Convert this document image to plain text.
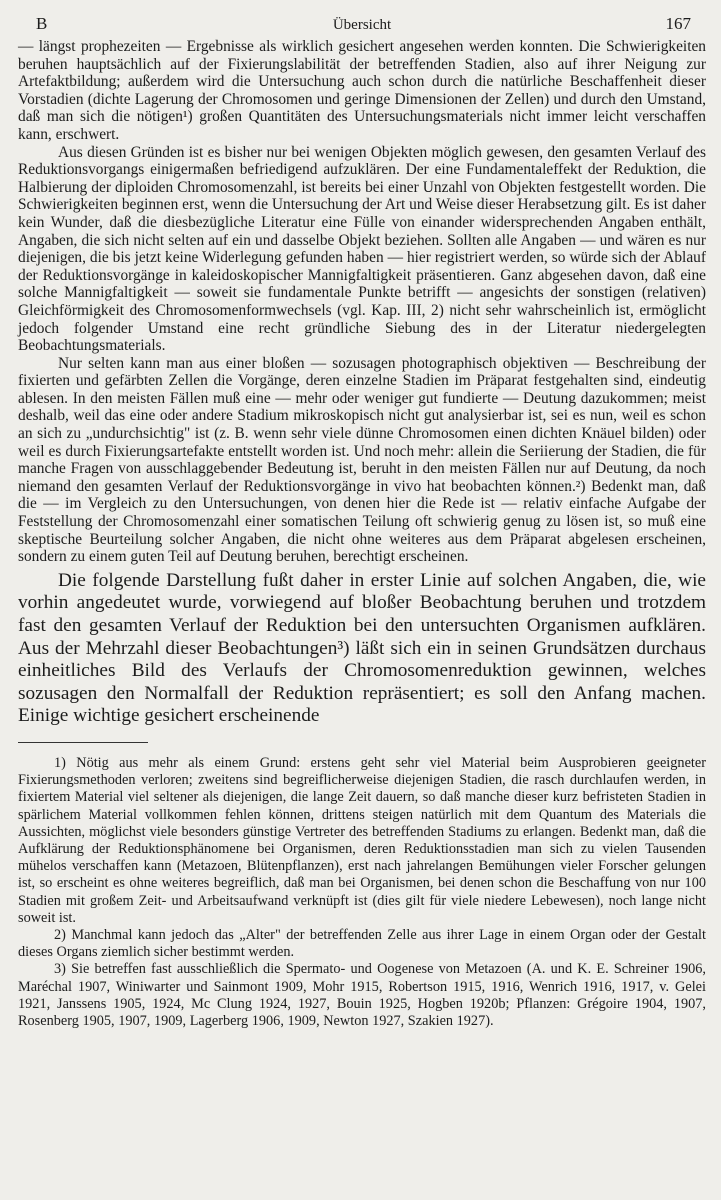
B	Übersicht	167

— längst prophezeiten — Ergebnisse als wirklich gesichert angesehen werden konnten. Die Schwierigkeiten beruhen hauptsächlich auf der Fixierungslabilität der betreffenden Stadien, also auf ihrer Neigung zur Artefaktbildung; außerdem wird die Untersuchung auch schon durch die natürliche Beschaffenheit dieser Vorstadien (dichte Lagerung der Chromosomen und geringe Dimensionen der Zellen) und durch den Umstand, daß man sich die nötigen¹) großen Quantitäten des Untersuchungsmaterials nicht immer leicht verschaffen kann, erschwert.

Aus diesen Gründen ist es bisher nur bei wenigen Objekten möglich gewesen, den gesamten Verlauf des Reduktionsvorgangs einigermaßen befriedigend aufzuklären. Der eine Fundamentaleffekt der Reduktion, die Halbierung der diploiden Chromosomenzahl, ist bereits bei einer Unzahl von Objekten festgestellt worden. Die Schwierigkeiten beginnen erst, wenn die Untersuchung der Art und Weise dieser Herabsetzung gilt. Es ist daher kein Wunder, daß die diesbezügliche Literatur eine Fülle von einander widersprechenden Angaben enthält, Angaben, die sich nicht selten auf ein und dasselbe Objekt beziehen. Sollten alle Angaben — und wären es nur diejenigen, die bis jetzt keine Widerlegung gefunden haben — hier registriert werden, so würde sich der Ablauf der Reduktionsvorgänge in kaleidoskopischer Mannigfaltigkeit präsentieren. Ganz abgesehen davon, daß eine solche Mannigfaltigkeit — soweit sie fundamentale Punkte betrifft — angesichts der sonstigen (relativen) Gleichförmigkeit des Chromosomenformwechsels (vgl. Kap. III, 2) nicht sehr wahrscheinlich ist, ermöglicht jedoch folgender Umstand eine recht gründliche Siebung des in der Literatur niedergelegten Beobachtungsmaterials.

Nur selten kann man aus einer bloßen — sozusagen photographisch objektiven — Beschreibung der fixierten und gefärbten Zellen die Vorgänge, deren einzelne Stadien im Präparat festgehalten sind, eindeutig ablesen. In den meisten Fällen muß eine — mehr oder weniger gut fundierte — Deutung dazukommen; meist deshalb, weil das eine oder andere Stadium mikroskopisch nicht gut analysierbar ist, sei es nun, weil es schon an sich zu „undurchsichtig" ist (z. B. wenn sehr viele dünne Chromosomen einen dichten Knäuel bilden) oder weil es durch Fixierungsartefakte entstellt worden ist. Und noch mehr: allein die Seriierung der Stadien, die für manche Fragen von ausschlaggebender Bedeutung ist, beruht in den meisten Fällen nur auf Deutung, da noch niemand den gesamten Verlauf der Reduktionsvorgänge in vivo hat beobachten können.²) Bedenkt man, daß die — im Vergleich zu den Untersuchungen, von denen hier die Rede ist — relativ einfache Aufgabe der Feststellung der Chromosomenzahl einer somatischen Teilung oft schwierig genug zu lösen ist, so muß eine skeptische Beurteilung solcher Angaben, die nicht ohne weiteres aus dem Präparat abgelesen erscheinen, sondern zu einem guten Teil auf Deutung beruhen, berechtigt erscheinen.

Die folgende Darstellung fußt daher in erster Linie auf solchen Angaben, die, wie vorhin angedeutet wurde, vorwiegend auf bloßer Beobachtung beruhen und trotzdem fast den gesamten Verlauf der Reduktion bei den untersuchten Organismen aufklären. Aus der Mehrzahl dieser Beobachtungen³) läßt sich ein in seinen Grundsätzen durchaus einheitliches Bild des Verlaufs der Chromosomenreduktion gewinnen, welches sozusagen den Normalfall der Reduktion repräsentiert; es soll den Anfang machen. Einige wichtige gesichert erscheinende

1) Nötig aus mehr als einem Grund: erstens geht sehr viel Material beim Ausprobieren geeigneter Fixierungsmethoden verloren; zweitens sind begreiflicherweise diejenigen Stadien, die rasch durchlaufen werden, in fixiertem Material viel seltener als diejenigen, die lange Zeit dauern, so daß manche dieser kurz befristeten Stadien in spärlichem Material vollkommen fehlen können, drittens steigen natürlich mit dem Quantum des Materials die Aussichten, möglichst viele besonders günstige Vertreter des betreffenden Stadiums zu erlangen. Bedenkt man, daß die Aufklärung der Reduktionsphänomene bei Organismen, deren Reduktionsstadien man sich zu vielen Tausenden mühelos verschaffen kann (Metazoen, Blütenpflanzen), erst nach jahrelangen Bemühungen vieler Forscher gelungen ist, so erscheint es ohne weiteres begreiflich, daß man bei Organismen, bei denen schon die Beschaffung von nur 100 Stadien mit großem Zeit- und Arbeitsaufwand verknüpft ist (dies gilt für viele niedere Lebewesen), noch lange nicht soweit ist.

2) Manchmal kann jedoch das „Alter" der betreffenden Zelle aus ihrer Lage in einem Organ oder der Gestalt dieses Organs ziemlich sicher bestimmt werden.

3) Sie betreffen fast ausschließlich die Spermato- und Oogenese von Metazoen (A. und K. E. Schreiner 1906, Maréchal 1907, Winiwarter und Sainmont 1909, Mohr 1915, Robertson 1915, 1916, Wenrich 1916, 1917, v. Gelei 1921, Janssens 1905, 1924, Mc Clung 1924, 1927, Bouin 1925, Hogben 1920b; Pflanzen: Grégoire 1904, 1907, Rosenberg 1905, 1907, 1909, Lagerberg 1906, 1909, Newton 1927, Szakien 1927).
